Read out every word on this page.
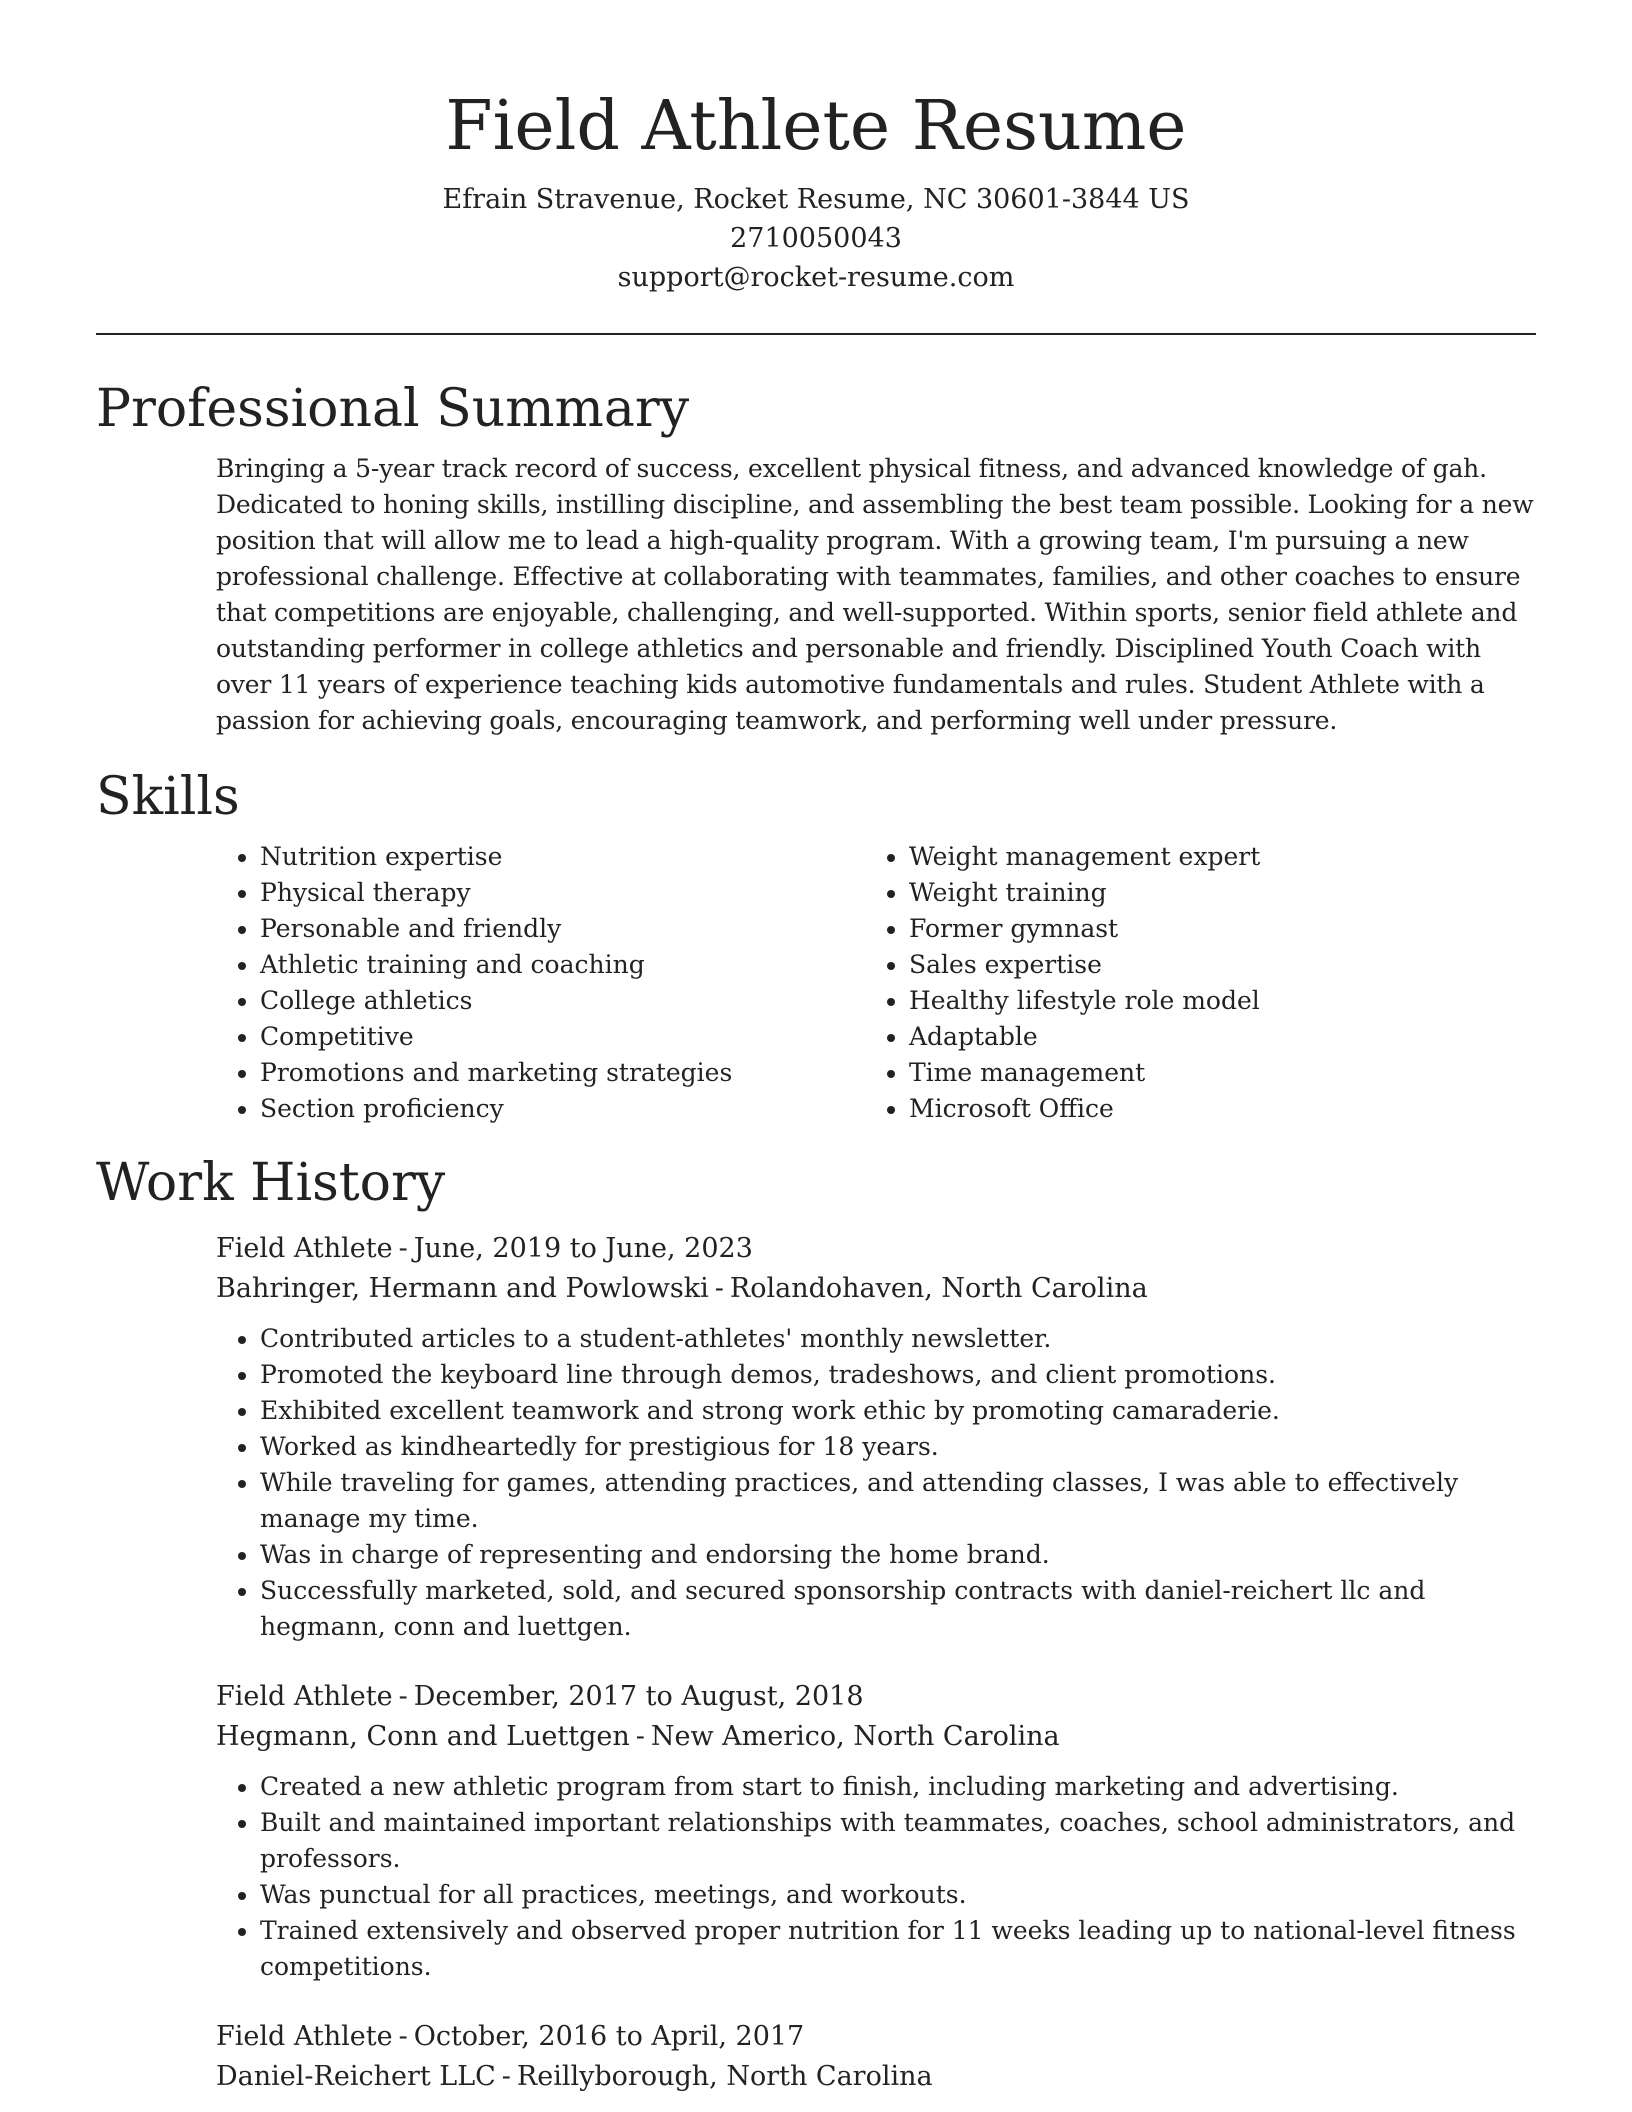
Field Athlete Resume
Efrain Stravenue, Rocket Resume, NC 30601-3844 US
2710050043
support@rocket-resume.com
Professional Summary

Bringing a 5-year track record of success, excellent physical fitness, and advanced knowledge of gah. Dedicated to honing skills, instilling discipline, and assembling the best team possible. Looking for a new position that will allow me to lead a high-quality program. With a growing team, I'm pursuing a new professional challenge. Effective at collaborating with teammates, families, and other coaches to ensure that competitions are enjoyable, challenging, and well-supported. Within sports, senior field athlete and outstanding performer in college athletics and personable and friendly. Disciplined Youth Coach with over 11 years of experience teaching kids automotive fundamentals and rules. Student Athlete with a passion for achieving goals, encouraging teamwork, and performing well under pressure.

Skills
• Nutrition expertise
• Physical therapy
• Personable and friendly
• Athletic training and coaching
• College athletics
• Competitive
• Promotions and marketing strategies
• Section proficiency
• Weight management expert
• Weight training
• Former gymnast
• Sales expertise
• Healthy lifestyle role model
• Adaptable
• Time management
• Microsoft Office
Work History
Field Athlete - June, 2019 to June, 2023
Bahringer, Hermann and Powlowski - Rolandohaven, North Carolina
• Contributed articles to a student-athletes' monthly newsletter.
• Promoted the keyboard line through demos, tradeshows, and client promotions.
• Exhibited excellent teamwork and strong work ethic by promoting camaraderie.
• Worked as kindheartedly for prestigious for 18 years.
• While traveling for games, attending practices, and attending classes, I was able to effectively manage my time.
• Was in charge of representing and endorsing the home brand.
• Successfully marketed, sold, and secured sponsorship contracts with daniel-reichert llc and hegmann, conn and luettgen.
Field Athlete - December, 2017 to August, 2018
Hegmann, Conn and Luettgen - New Americo, North Carolina
• Created a new athletic program from start to finish, including marketing and advertising.
• Built and maintained important relationships with teammates, coaches, school administrators, and professors.
• Was punctual for all practices, meetings, and workouts.
• Trained extensively and observed proper nutrition for 11 weeks leading up to national-level fitness competitions.
Field Athlete - October, 2016 to April, 2017
Daniel-Reichert LLC - Reillyborough, North Carolina
